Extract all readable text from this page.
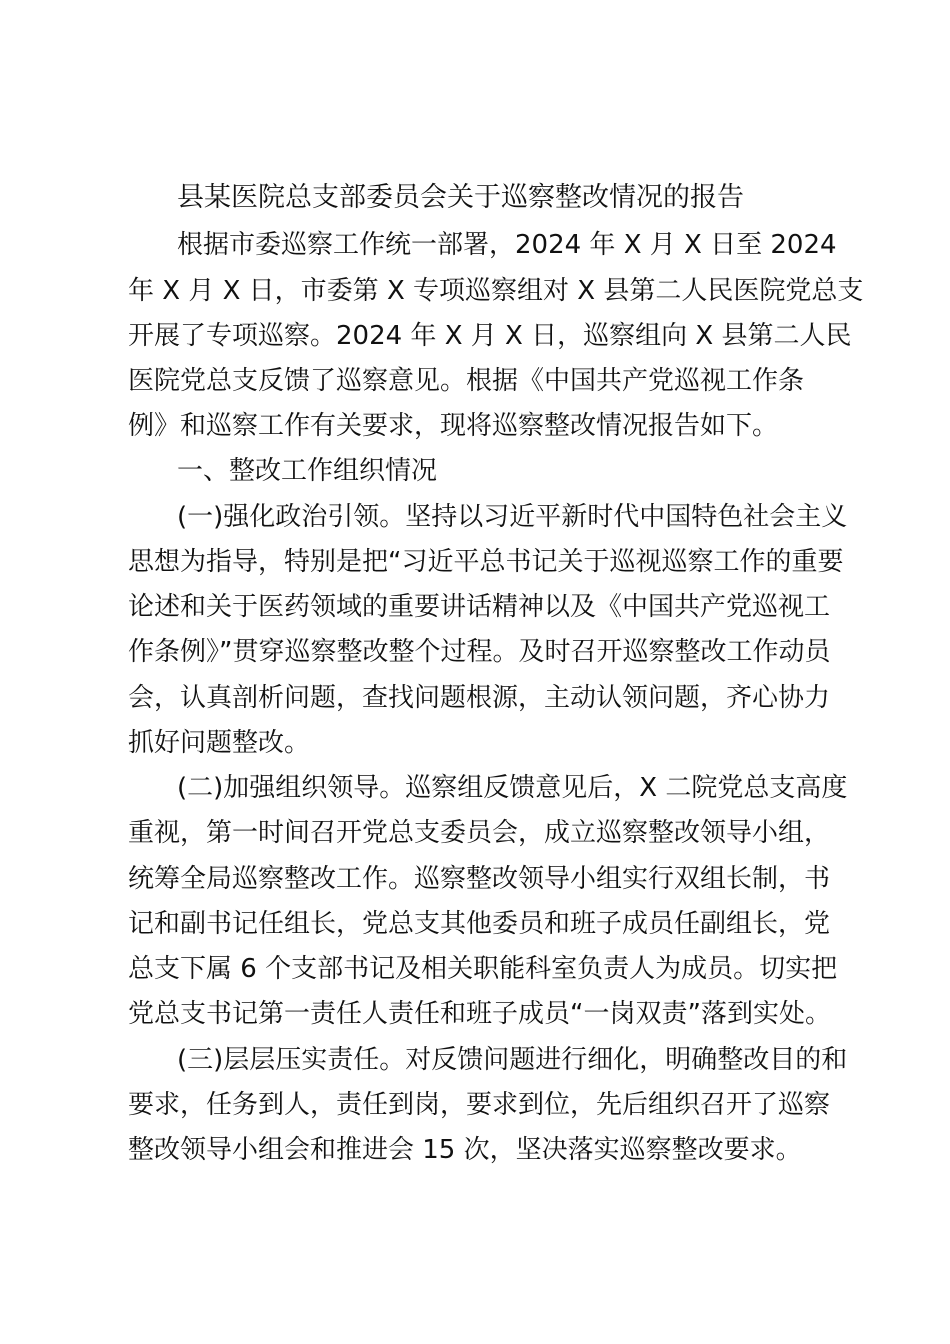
县某医院总支部委员会关于巡察整改情况的报告

根据市委巡察工作统一部署，2024 年 X 月 X 日至 2024

年 X 月 X 日，市委第 X 专项巡察组对 X 县第二人民医院党总支

开展了专项巡察。2024 年 X 月 X 日，巡察组向 X 县第二人民

医院党总支反馈了巡察意见。根据《中国共产党巡视工作条

例》和巡察工作有关要求，现将巡察整改情况报告如下。

一、整改工作组织情况

(一)强化政治引领。坚持以习近平新时代中国特色社会主义

思想为指导，特别是把“习近平总书记关于巡视巡察工作的重要

论述和关于医药领域的重要讲话精神以及《中国共产党巡视工

作条例》”贯穿巡察整改整个过程。及时召开巡察整改工作动员

会，认真剖析问题，查找问题根源，主动认领问题，齐心协力

抓好问题整改。

(二)加强组织领导。巡察组反馈意见后，X 二院党总支高度

重视，第一时间召开党总支委员会，成立巡察整改领导小组，

统筹全局巡察整改工作。巡察整改领导小组实行双组长制，书

记和副书记任组长，党总支其他委员和班子成员任副组长，党

总支下属 6 个支部书记及相关职能科室负责人为成员。切实把

党总支书记第一责任人责任和班子成员“一岗双责”落到实处。

(三)层层压实责任。对反馈问题进行细化，明确整改目的和

要求，任务到人，责任到岗，要求到位，先后组织召开了巡察

整改领导小组会和推进会 15 次，坚决落实巡察整改要求。
